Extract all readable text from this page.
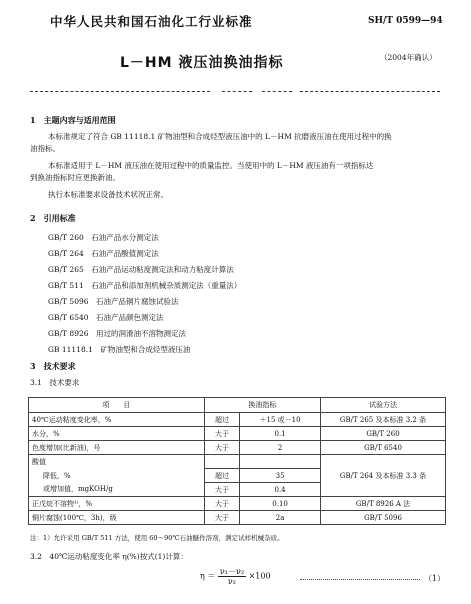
中华人民共和国石油化工行业标准	SH/T 0599—94
L－HM 液压油换油指标	（2004年确认）
1　主题内容与适用范围
本标准规定了符合 GB 11118.1 矿物油型和合成烃型液压油中的 L－HM 抗磨液压油在使用过程中的换
油指标。
本标准适用于 L－HM 液压油在使用过程中的质量监控。当使用中的 L－HM 液压油有一项指标达
到换油指标时应更换新油。
执行本标准要求设备技术状况正常。
2　引用标准
GB/T 260　石油产品水分测定法
GB/T 264　石油产品酸值测定法
GB/T 265　石油产品运动粘度测定法和动力粘度计算法
GB/T 511　石油产品和添加剂机械杂质测定法（重量法）
GB/T 5096　石油产品铜片腐蚀试验法
GB/T 6540　石油产品颜色测定法
GB/T 8926　用过的润滑油不溶物测定法
GB 11118.1　矿物油型和合成烃型液压油
3　技术要求
3.1　技术要求
项　　目	换油指标		试验方法
40℃运动粘度变化率，%	超过	＋15 或－10	GB/T 265 及本标准 3.2 条
水分，%	大于	0.1	GB/T 260
色度增加(比新油)，号	大于	2	GB/T 6540
酸值			GB/T 264 及本标准 3.3 条
降低，%	超过	35	
或增加值，mgKOH/g	大于	0.4	
正戊烷不溶物¹⁾，%	大于	0.10	GB/T 8926 A 法
铜片腐蚀(100℃，3h)，级	大于	2a	GB/T 5096
注：1）允许采用 GB/T 511 方法，使用 60～90℃石油醚作溶剂，测定试样机械杂质。
3.2　40℃运动粘度变化率 η(%)按式(1)计算：
$\eta = \frac{\text{ν₁－ν₂}}{\text{ν₂}} \times 100$	（1）
